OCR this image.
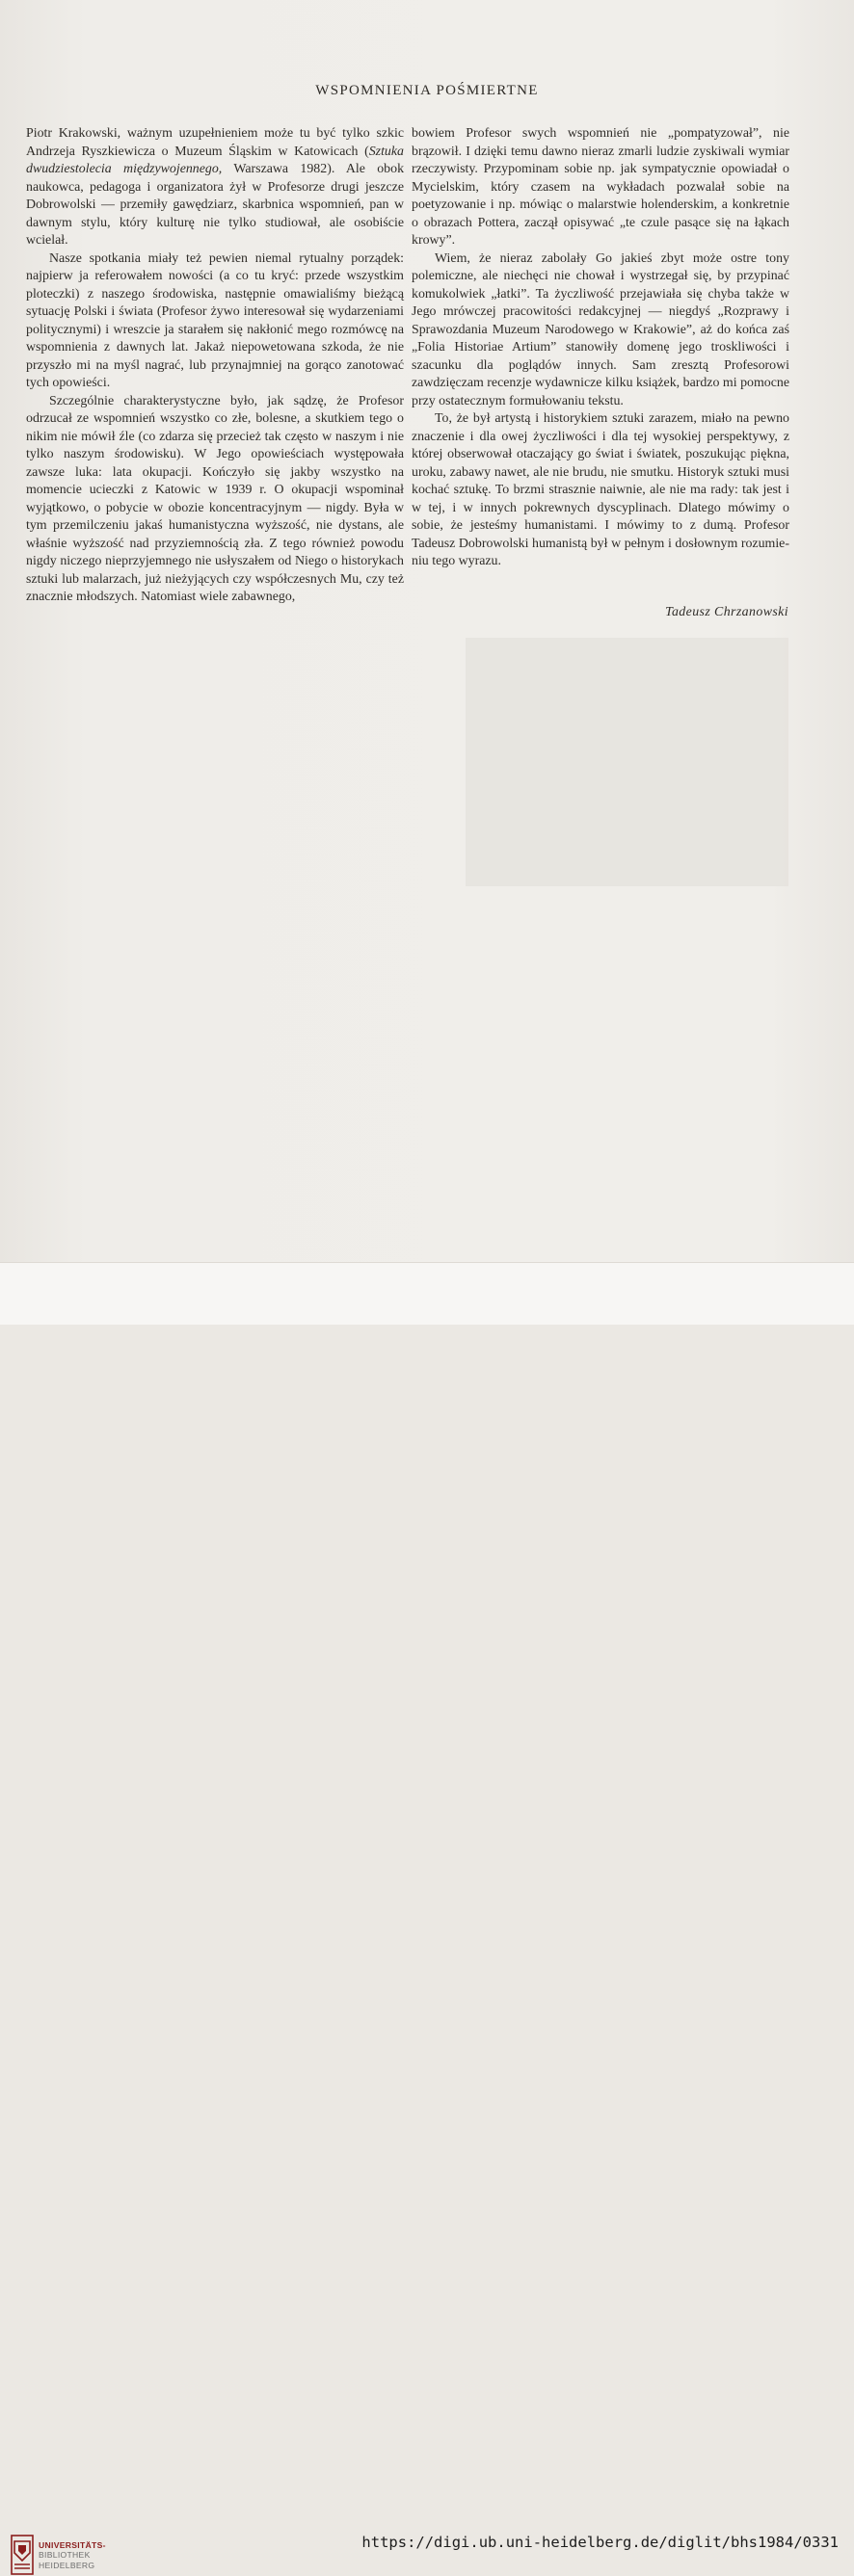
WSPOMNIENIA POŚMIERTNE

Piotr Krakowski, ważnym uzupełnieniem może tu być tylko szkic Andrzeja Ryszkiewicza o Muzeum Śląskim w Katowicach (Sztuka dwudziestolecia międzywojennego, Warszawa 1982). Ale obok naukowca, pedagoga i organizatora żył w Profesorze drugi jeszcze Dobrowolski — przemiły gawędziarz, skarbnica wspomnień, pan w dawnym stylu, który kulturę nie tylko studiował, ale osobiście wcielał.

Nasze spotkania miały też pewien niemal rytualny porządek: najpierw ja referowałem nowości (a co tu kryć: przede wszystkim ploteczki) z naszego środowiska, następnie omawialiśmy bieżącą sytuację Polski i świata (Profesor żywo interesował się wydarzeniami politycznymi) i wreszcie ja starałem się nakłonić mego rozmówcę na wspomnienia z dawnych lat. Jakaż niepowetowana szkoda, że nie przyszło mi na myśl nagrać, lub przynajmniej na gorąco zanotować tych opowieści.

Szczególnie charakterystyczne było, jak sądzę, że Profesor odrzucał ze wspomnień wszystko co złe, bolesne, a skutkiem tego o nikim nie mówił źle (co zdarza się przecież tak często w naszym i nie tylko naszym środowisku). W Jego opowieściach występowała zawsze luka: lata okupacji. Kończyło się jakby wszystko na momencie ucieczki z Katowic w 1939 r. O okupacji wspominał wyjątkowo, o pobycie w obozie koncentracyjnym — nigdy. Była w tym przemilczeniu jakaś humanistyczna wyższość, nie dystans, ale właśnie wyższość nad przyziemnością zła. Z tego również powodu nigdy niczego nieprzyjemnego nie usłyszałem od Niego o historykach sztuki lub malarzach, już nieżyjących czy współczesnych Mu, czy też znacznie młodszych. Natomiast wiele zabawnego,

bowiem Profesor swych wspomnień nie „pompatyzował”, nie brązowił. I dzięki temu dawno nieraz zmarli ludzie zyskiwali wymiar rzeczywisty. Przypominam sobie np. jak sympatycznie opowiadał o Mycielskim, który czasem na wykładach pozwalał sobie na poetyzowanie i np. mówiąc o malarstwie holenderskim, a konkretnie o obrazach Pottera, zaczął opisywać „te czule pasące się na łąkach krowy”.

Wiem, że nieraz zabolały Go jakieś zbyt może ostre tony polemiczne, ale niechęci nie chował i wystrzegał się, by przypinać komukolwiek „łatki”. Ta życzliwość przejawiała się chyba także w Jego mrówczej pracowitości redakcyjnej — niegdyś „Rozprawy i Sprawozdania Muzeum Narodowego w Krakowie”, aż do końca zaś „Folia Historiae Artium” stanowiły domenę jego troskliwości i szacunku dla poglądów innych. Sam zresztą Profesorowi zawdzięczam recenzje wydawnicze kilku książek, bardzo mi pomocne przy ostatecznym formułowaniu tekstu.

To, że był artystą i historykiem sztuki zarazem, miało na pewno znaczenie i dla owej życzliwości i dla tej wysokiej perspektywy, z której obserwował otaczający go świat i światek, poszukując piękna, uroku, zabawy nawet, ale nie brudu, nie smutku. Historyk sztuki musi kochać sztukę. To brzmi strasznie naiwnie, ale nie ma rady: tak jest i w tej, i w innych pokrewnych dyscyplinach. Dlatego mówimy o sobie, że jesteśmy humanistami. I mówimy to z dumą. Profesor Tadeusz Dobrowolski humanistą był w pełnym i dosłownym rozumieniu tego wyrazu.

Tadeusz Chrzanowski
UNIVERSITÄTS-
BIBLIOTHEK
HEIDELBERG
https://digi.ub.uni-heidelberg.de/diglit/bhs1984/0331
